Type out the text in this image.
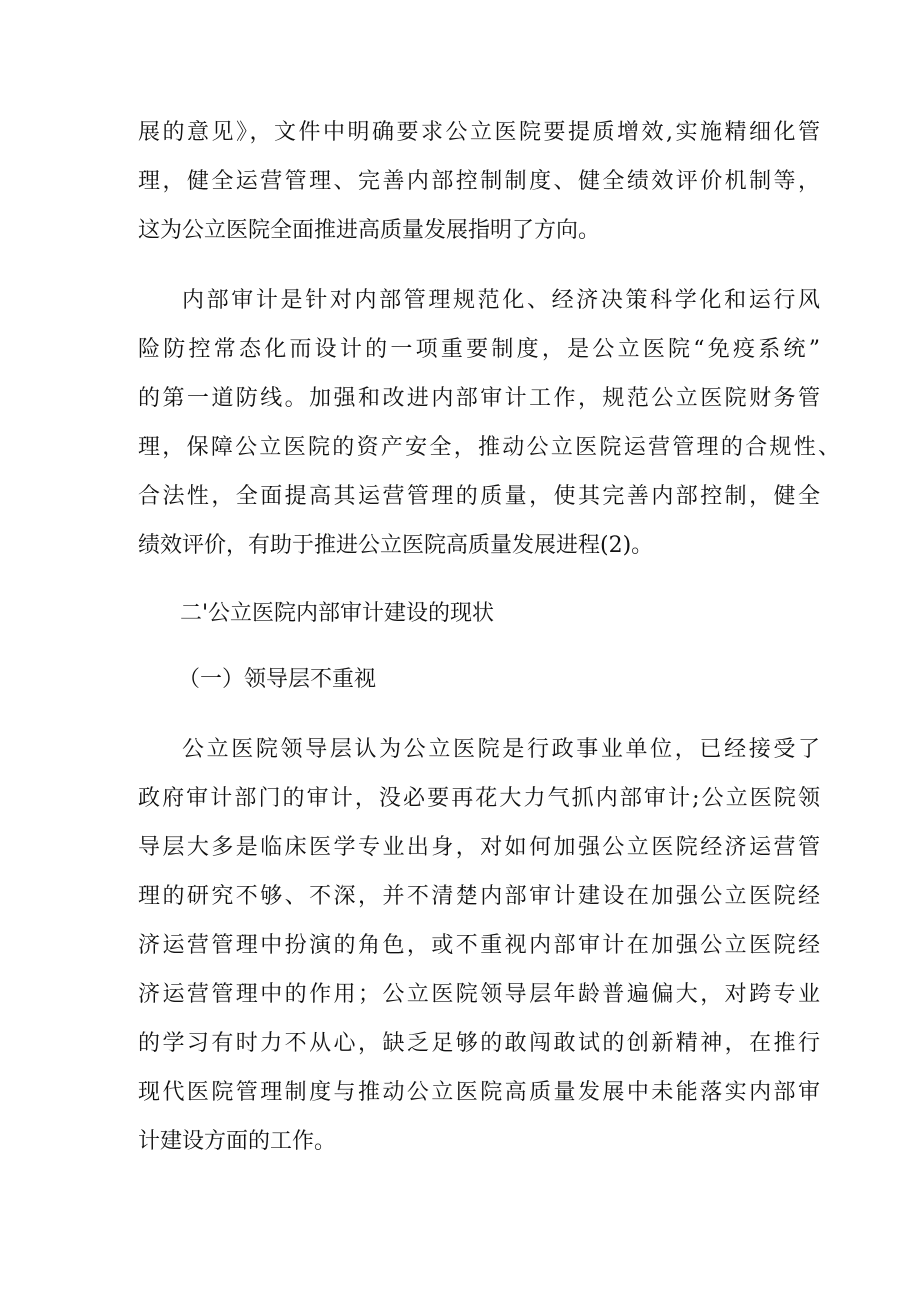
展的意见》，文件中明确要求公立医院要提质增效,实施精细化管
理，健全运营管理、完善内部控制制度、健全绩效评价机制等，
这为公立医院全面推进高质量发展指明了方向。
内部审计是针对内部管理规范化、经济决策科学化和运行风
险防控常态化而设计的一项重要制度，是公立医院“免疫系统”
的第一道防线。加强和改进内部审计工作，规范公立医院财务管
理，保障公立医院的资产安全，推动公立医院运营管理的合规性、
合法性，全面提高其运营管理的质量，使其完善内部控制，健全
绩效评价，有助于推进公立医院高质量发展进程(2)。
二'公立医院内部审计建设的现状
（一）领导层不重视
公立医院领导层认为公立医院是行政事业单位，已经接受了
政府审计部门的审计，没必要再花大力气抓内部审计;公立医院领
导层大多是临床医学专业出身，对如何加强公立医院经济运营管
理的研究不够、不深，并不清楚内部审计建设在加强公立医院经
济运营管理中扮演的角色，或不重视内部审计在加强公立医院经
济运营管理中的作用；公立医院领导层年龄普遍偏大，对跨专业
的学习有时力不从心，缺乏足够的敢闯敢试的创新精神，在推行
现代医院管理制度与推动公立医院高质量发展中未能落实内部审
计建设方面的工作。
